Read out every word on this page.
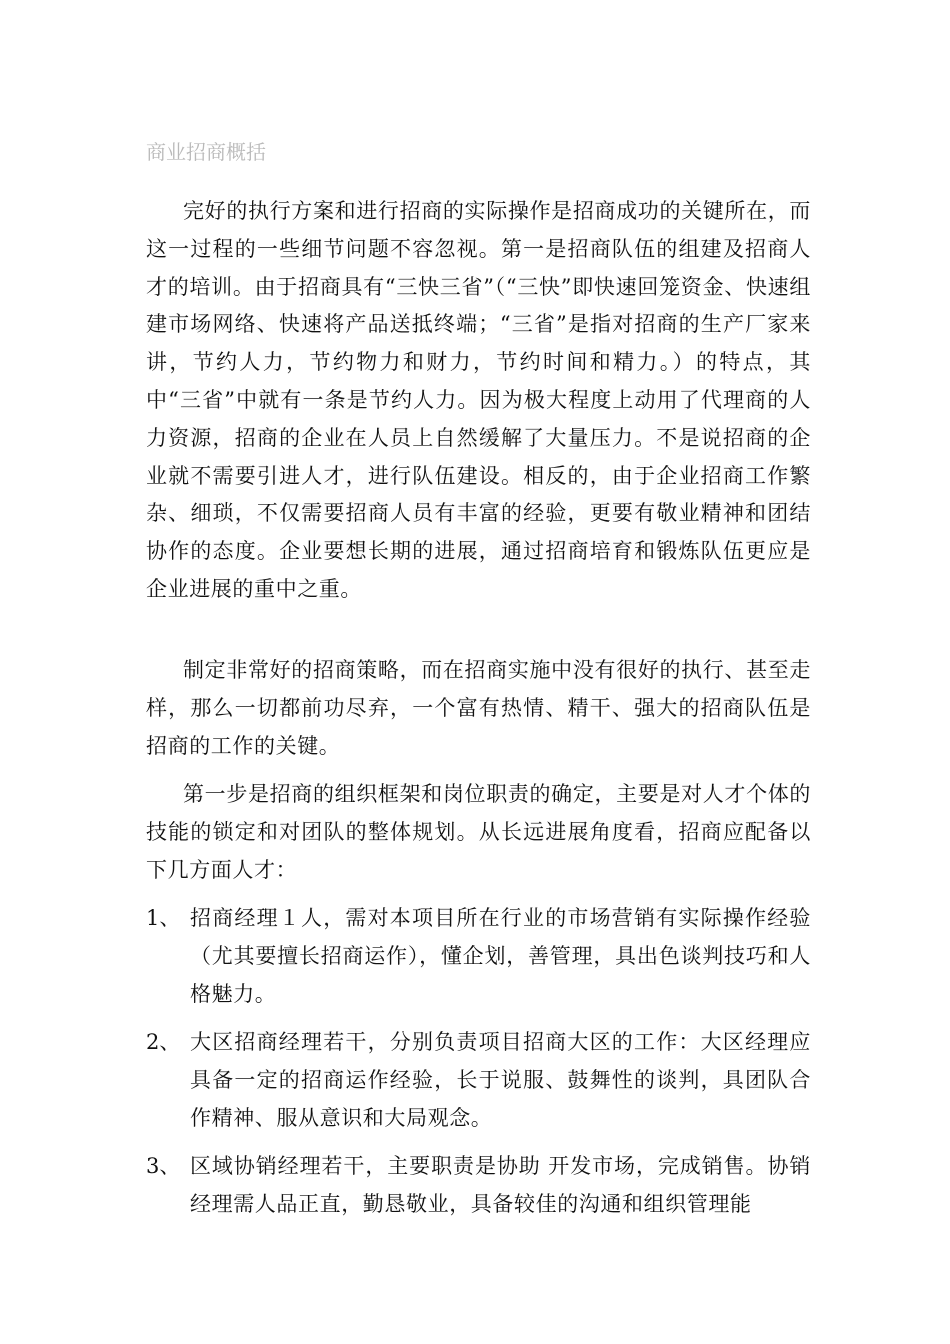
商业招商概括

完好的执行方案和进行招商的实际操作是招商成功的关键所在，而这一过程的一些细节问题不容忽视。第一是招商队伍的组建及招商人才的培训。由于招商具有“三快三省”（“三快”即快速回笼资金、快速组建市场网络、快速将产品送抵终端；“三省”是指对招商的生产厂家来讲，节约人力，节约物力和财力，节约时间和精力。）的特点，其中“三省”中就有一条是节约人力。因为极大程度上动用了代理商的人力资源，招商的企业在人员上自然缓解了大量压力。不是说招商的企业就不需要引进人才，进行队伍建设。相反的，由于企业招商工作繁杂、细琐，不仅需要招商人员有丰富的经验，更要有敬业精神和团结协作的态度。企业要想长期的进展，通过招商培育和锻炼队伍更应是企业进展的重中之重。

制定非常好的招商策略，而在招商实施中没有很好的执行、甚至走样，那么一切都前功尽弃，一个富有热情、精干、强大的招商队伍是招商的工作的关键。

第一步是招商的组织框架和岗位职责的确定，主要是对人才个体的技能的锁定和对团队的整体规划。从长远进展角度看，招商应配备以下几方面人才：

1、 招商经理１人，需对本项目所在行业的市场营销有实际操作经验（尤其要擅长招商运作），懂企划，善管理，具出色谈判技巧和人格魅力。

2、 大区招商经理若干，分别负责项目招商大区的工作：大区经理应具备一定的招商运作经验，长于说服、鼓舞性的谈判，具团队合作精神、服从意识和大局观念。

3、 区域协销经理若干，主要职责是协助 开发市场，完成销售。协销经理需人品正直，勤恳敬业，具备较佳的沟通和组织管理能
